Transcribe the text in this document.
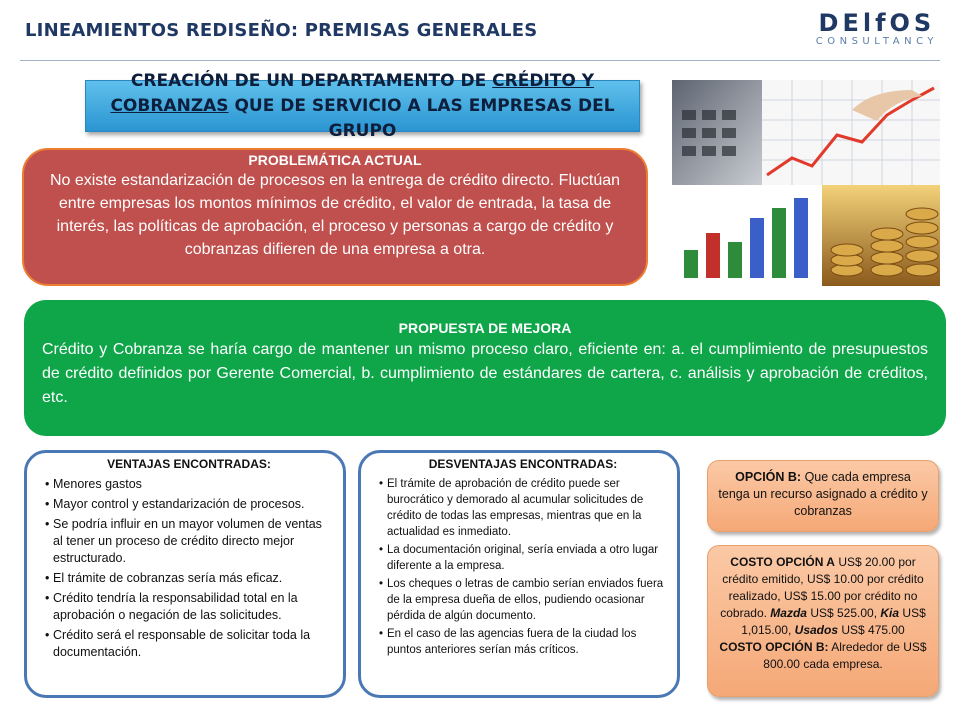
LINEAMIENTOS REDISEÑO: PREMISAS GENERALES	DElfOS
CONSULTANCY
CREACIÓN DE UN DEPARTAMENTO DE CRÉDITO Y COBRANZAS QUE DE SERVICIO A LAS EMPRESAS DEL GRUPO
PROBLEMÁTICA ACTUAL
No existe estandarización de procesos en la entrega de crédito directo. Fluctúan entre empresas los montos mínimos de crédito, el valor de entrada, la tasa de interés, las políticas de aprobación, el proceso y personas a cargo de crédito y cobranzas difieren de una empresa a otra.
PROPUESTA DE MEJORA
Crédito y Cobranza se haría cargo de mantener un mismo proceso claro, eficiente en: a. el cumplimiento de presupuestos de crédito definidos por Gerente Comercial, b. cumplimiento de estándares de cartera, c. análisis y aprobación de créditos, etc.
VENTAJAS ENCONTRADAS:
• Menores gastos
• Mayor control y estandarización de procesos.
• Se podría influir en un mayor volumen de ventas al tener un proceso de crédito directo mejor estructurado.
• El trámite de cobranzas sería más eficaz.
• Crédito tendría la responsabilidad total en la aprobación o negación de las solicitudes.
• Crédito será el responsable de solicitar toda la documentación.
DESVENTAJAS ENCONTRADAS:
• El trámite de aprobación de crédito puede ser burocrático y demorado al acumular solicitudes de crédito de todas las empresas, mientras que en la actualidad es inmediato.
• La documentación original, sería enviada a otro lugar diferente a la empresa.
• Los cheques o letras de cambio serían enviados fuera de la empresa dueña de ellos, pudiendo ocasionar pérdida de algún documento.
• En el caso de las agencias fuera de la ciudad los puntos anteriores serían más críticos.
OPCIÓN B: Que cada empresa tenga un recurso asignado a crédito y cobranzas
COSTO OPCIÓN A US$ 20.00 por crédito emitido, US$ 10.00 por crédito realizado, US$ 15.00 por crédito no cobrado. Mazda US$ 525.00, Kia US$ 1,015.00, Usados US$ 475.00
COSTO OPCIÓN B: Alrededor de US$ 800.00 cada empresa.
